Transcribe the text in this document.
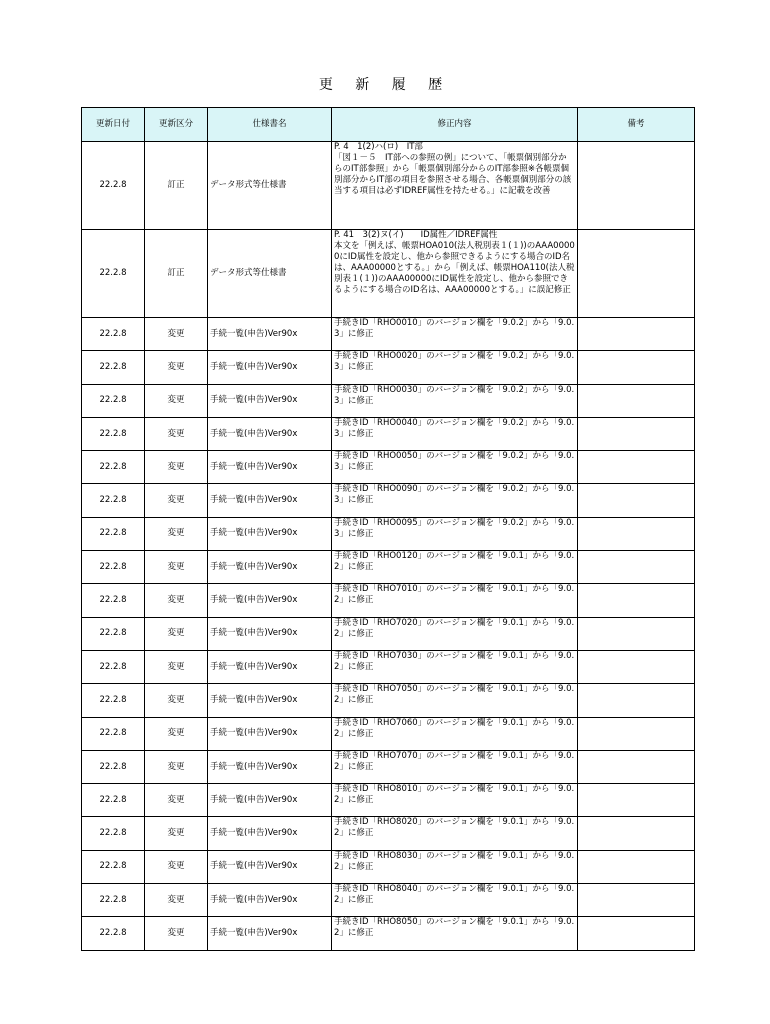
更 新 履 歴
更新日付	更新区分	仕様書名	修正内容	備考
22.2.8	訂正	データ形式等仕様書	P. 4　1(2)ハ(ロ)　IT部
「図１－５　IT部への参照の例」について、「帳票個別部分からのIT部参照」から「帳票個別部分からのIT部参照※各帳票個別部分からIT部の項目を参照させる場合、各帳票個別部分の該当する項目は必ずIDREF属性を持たせる。」に記載を改善	
22.2.8	訂正	データ形式等仕様書	P. 41　3(2)ヌ(イ)　　ID属性／IDREF属性
本文を「例えば、帳票HOA010(法人税別表１(１))のAAA00000にID属性を設定し、他から参照できるようにする場合のID名は、AAA00000とする。」から「例えば、帳票HOA110(法人税別表１(１))のAAA00000にID属性を設定し、他から参照できるようにする場合のID名は、AAA00000とする。」に誤記修正	
22.2.8	変更	手続一覧(申告)Ver90x	手続きID「RHO0010」のバージョン欄を「9.0.2」から「9.0.3」に修正	
22.2.8	変更	手続一覧(申告)Ver90x	手続きID「RHO0020」のバージョン欄を「9.0.2」から「9.0.3」に修正	
22.2.8	変更	手続一覧(申告)Ver90x	手続きID「RHO0030」のバージョン欄を「9.0.2」から「9.0.3」に修正	
22.2.8	変更	手続一覧(申告)Ver90x	手続きID「RHO0040」のバージョン欄を「9.0.2」から「9.0.3」に修正	
22.2.8	変更	手続一覧(申告)Ver90x	手続きID「RHO0050」のバージョン欄を「9.0.2」から「9.0.3」に修正	
22.2.8	変更	手続一覧(申告)Ver90x	手続きID「RHO0090」のバージョン欄を「9.0.2」から「9.0.3」に修正	
22.2.8	変更	手続一覧(申告)Ver90x	手続きID「RHO0095」のバージョン欄を「9.0.2」から「9.0.3」に修正	
22.2.8	変更	手続一覧(申告)Ver90x	手続きID「RHO0120」のバージョン欄を「9.0.1」から「9.0.2」に修正	
22.2.8	変更	手続一覧(申告)Ver90x	手続きID「RHO7010」のバージョン欄を「9.0.1」から「9.0.2」に修正	
22.2.8	変更	手続一覧(申告)Ver90x	手続きID「RHO7020」のバージョン欄を「9.0.1」から「9.0.2」に修正	
22.2.8	変更	手続一覧(申告)Ver90x	手続きID「RHO7030」のバージョン欄を「9.0.1」から「9.0.2」に修正	
22.2.8	変更	手続一覧(申告)Ver90x	手続きID「RHO7050」のバージョン欄を「9.0.1」から「9.0.2」に修正	
22.2.8	変更	手続一覧(申告)Ver90x	手続きID「RHO7060」のバージョン欄を「9.0.1」から「9.0.2」に修正	
22.2.8	変更	手続一覧(申告)Ver90x	手続きID「RHO7070」のバージョン欄を「9.0.1」から「9.0.2」に修正	
22.2.8	変更	手続一覧(申告)Ver90x	手続きID「RHO8010」のバージョン欄を「9.0.1」から「9.0.2」に修正	
22.2.8	変更	手続一覧(申告)Ver90x	手続きID「RHO8020」のバージョン欄を「9.0.1」から「9.0.2」に修正	
22.2.8	変更	手続一覧(申告)Ver90x	手続きID「RHO8030」のバージョン欄を「9.0.1」から「9.0.2」に修正	
22.2.8	変更	手続一覧(申告)Ver90x	手続きID「RHO8040」のバージョン欄を「9.0.1」から「9.0.2」に修正	
22.2.8	変更	手続一覧(申告)Ver90x	手続きID「RHO8050」のバージョン欄を「9.0.1」から「9.0.2」に修正	
